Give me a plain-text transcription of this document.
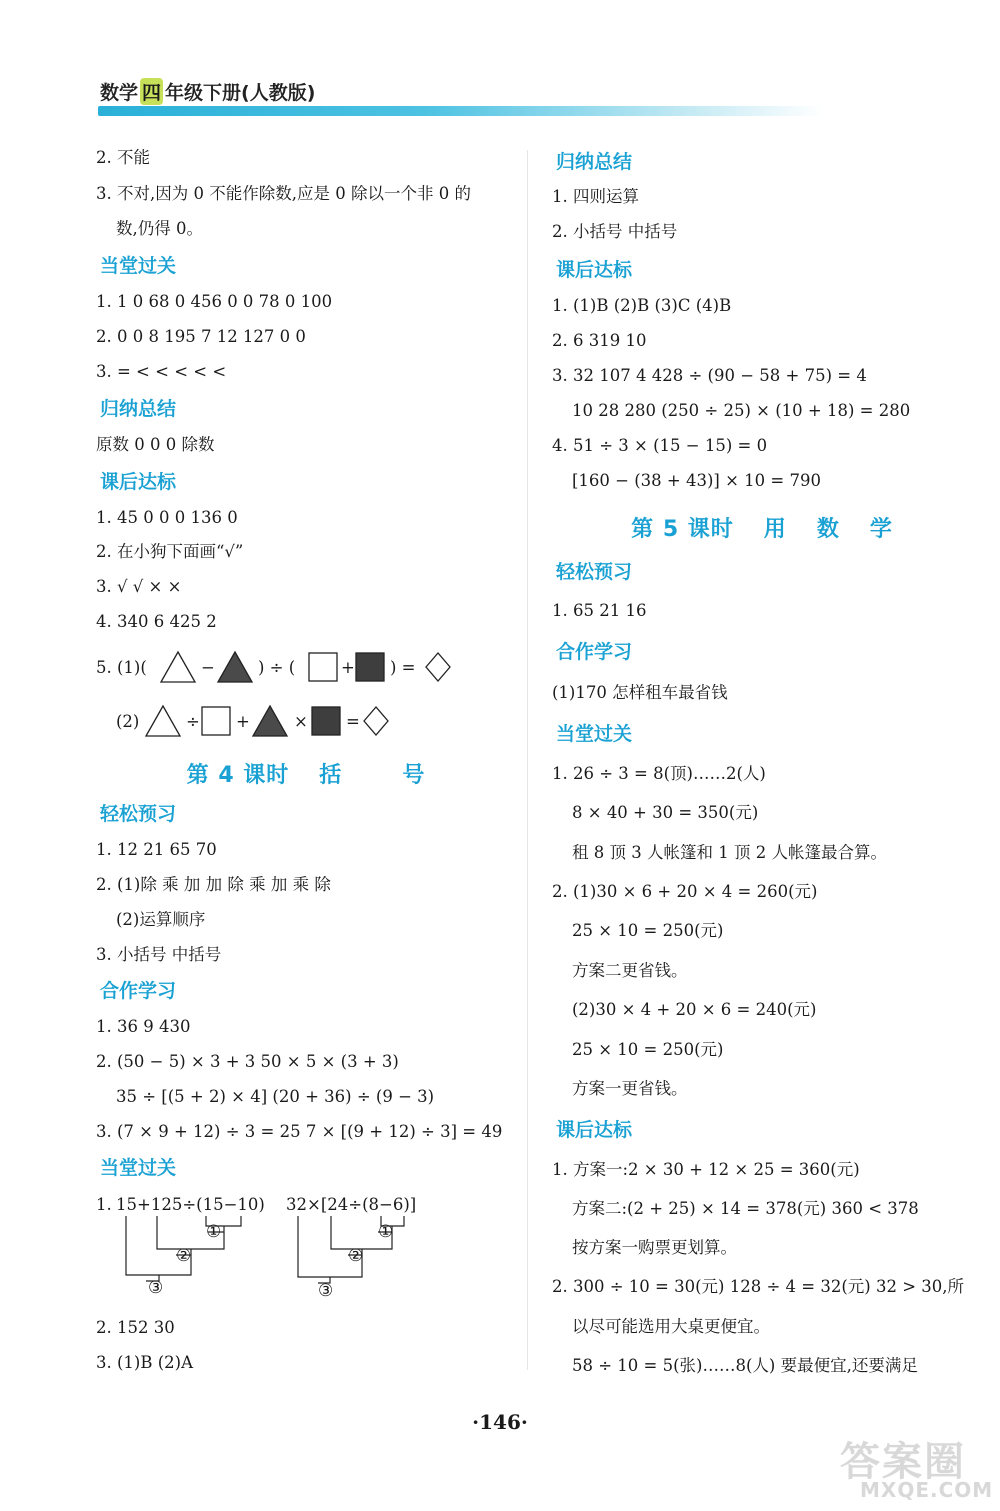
数学 四 年级下册(人教版)
2. 不能
3. 不对,因为 0 不能作除数,应是 0 除以一个非 0 的
数,仍得 0。
当堂过关
1. 1 0 68 0 456 0 0 78 0 100
2. 0 0 8 195 7 12 127 0 0
3. = < < < < <
归纳总结
原数 0 0 0 除数
课后达标
1. 45 0 0 0 136 0
2. 在小狗下面画“√”
3. √ √ × ×
4. 340 6 425 2
5. (1)(	−	) ÷ (	+ ) =
(2)	÷ +	× =
第 4 课时 括	号
轻松预习
1. 12 21 65 70
2. (1)除 乘 加 加 除 乘 加 乘 除
(2)运算顺序
3. 小括号 中括号
合作学习
1. 36 9 430
2. (50 − 5) × 3 + 3 50 × 5 × (3 + 3)
35 ÷ [(5 + 2) × 4] (20 + 36) ÷ (9 − 3)
3. (7 × 9 + 12) ÷ 3 = 25 7 × [(9 + 12) ÷ 3] = 49
当堂过关
1. 15+125÷(15−10)
①
②
③
32×[24÷(8−6)]
①
②
③
2. 152 30
3. (1)B (2)A
归纳总结
1. 四则运算
2. 小括号 中括号
课后达标
1. (1)B (2)B (3)C (4)B
2. 6 319 10
3. 32 107 4 428 ÷ (90 − 58 + 75) = 4
10 28 280 (250 ÷ 25) × (10 + 18) = 280
4. 51 ÷ 3 × (15 − 15) = 0
[160 − (38 + 43)] × 10 = 790
第 5 课时 用 数 学
轻松预习
1. 65 21 16
合作学习
(1)170 怎样租车最省钱
当堂过关
1. 26 ÷ 3 = 8(顶)……2(人)
8 × 40 + 30 = 350(元)
租 8 顶 3 人帐篷和 1 顶 2 人帐篷最合算。
2. (1)30 × 6 + 20 × 4 = 260(元)
25 × 10 = 250(元)
方案二更省钱。
(2)30 × 4 + 20 × 6 = 240(元)
25 × 10 = 250(元)
方案一更省钱。
课后达标
1. 方案一:2 × 30 + 12 × 25 = 360(元)
方案二:(2 + 25) × 14 = 378(元) 360 < 378
按方案一购票更划算。
2. 300 ÷ 10 = 30(元) 128 ÷ 4 = 32(元) 32 > 30,所
以尽可能选用大桌更便宜。
58 ÷ 10 = 5(张)……8(人) 要最便宜,还要满足
·146·
答案圈
MXQE.COM
